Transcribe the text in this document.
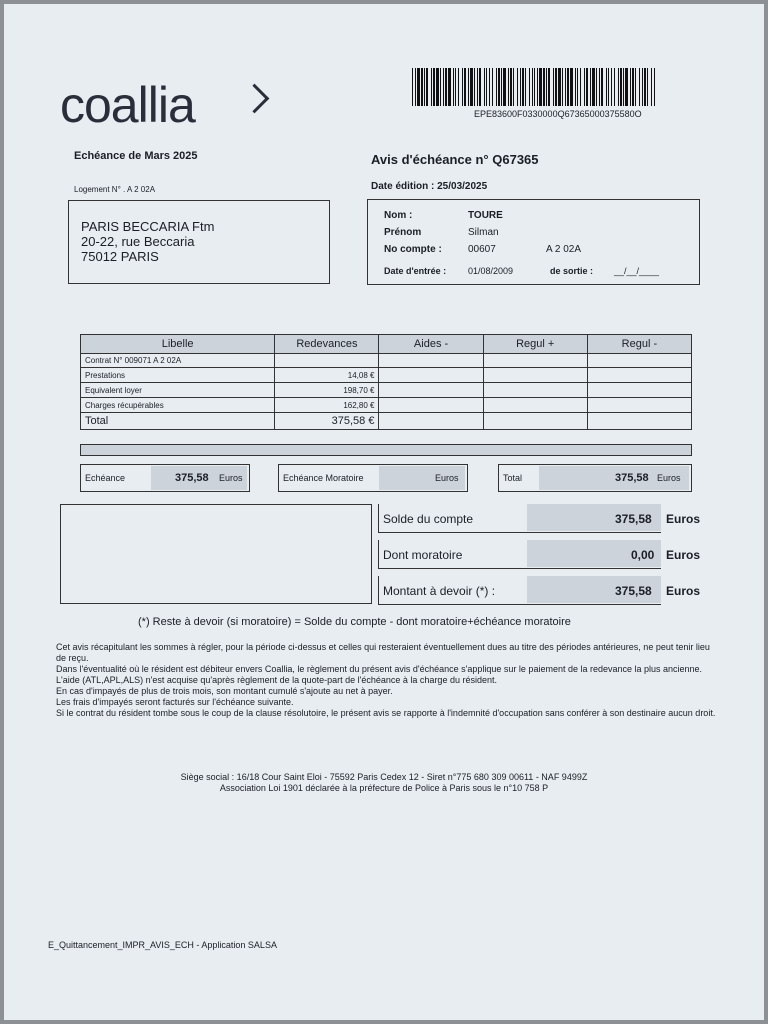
coallia	EPE83600F0330000Q67365000375580O
Echéance de Mars 2025	Avis d'échéance n° Q67365
Logement N° . A 2 02A	Date édition : 25/03/2025
PARIS BECCARIA Ftm
20-22, rue Beccaria
75012 PARIS
Nom :	TOURE
Prénom	Silman
No compte :	00607	A 2 02A
Date d'entrée : 01/08/2009	de sortie : __/__/____
Libelle	Redevances	Aides -	Regul +	Regul -
Contrat N° 009071 A 2 02A				
Prestations	14,08 €			
Equivalent loyer	198,70 €			
Charges récupérables	162,80 €			
Total	375,58 €			
Echéance	375,58 Euros	Echéance Moratoire	Euros	Total	375,58 Euros
Solde du compte	375,58 Euros
Dont moratoire	0,00 Euros
Montant à devoir (*) :	375,58 Euros
(*) Reste à devoir (si moratoire) = Solde du compte - dont moratoire+échéance moratoire
Cet avis récapitulant les sommes à régler, pour la période ci-dessus et celles qui resteraient éventuellement dues au titre des périodes antérieures, ne peut tenir lieu de reçu.
Dans l'éventualité où le résident est débiteur envers Coallia, le règlement du présent avis d'échéance s'applique sur le paiement de la redevance la plus ancienne.
L'aide (ATL,APL,ALS) n'est acquise qu'après règlement de la quote-part de l'échéance à la charge du résident.
En cas d'impayés de plus de trois mois, son montant cumulé s'ajoute au net à payer.
Les frais d'impayés seront facturés sur l'échéance suivante.
Si le contrat du résident tombe sous le coup de la clause résolutoire, le présent avis se rapporte à l'indemnité d'occupation sans conférer à son destinaire aucun droit.
Siège social : 16/18 Cour Saint Eloi - 75592 Paris Cedex 12 - Siret n°775 680 309 00611 - NAF 9499Z
Association Loi 1901 déclarée à la préfecture de Police à Paris sous le n°10 758 P
E_Quittancement_IMPR_AVIS_ECH - Application SALSA
